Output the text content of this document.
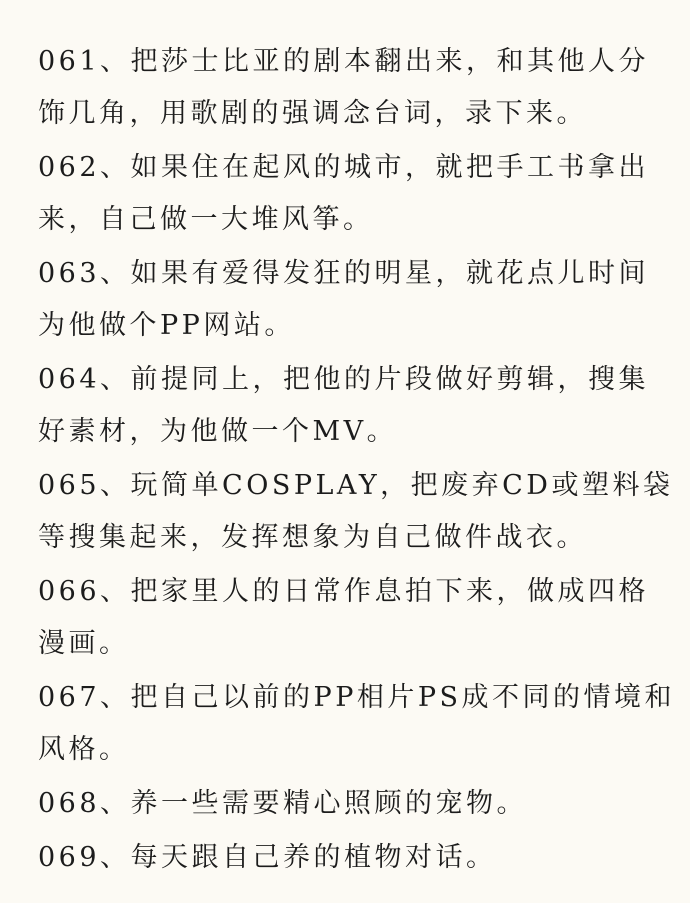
061、把莎士比亚的剧本翻出来，和其他人分
饰几角，用歌剧的强调念台词，录下来。

062、如果住在起风的城市，就把手工书拿出
来，自己做一大堆风筝。

063、如果有爱得发狂的明星，就花点儿时间
为他做个PP网站。

064、前提同上，把他的片段做好剪辑，搜集
好素材，为他做一个MV。

065、玩简单COSPLAY，把废弃CD或塑料袋
等搜集起来，发挥想象为自己做件战衣。

066、把家里人的日常作息拍下来，做成四格
漫画。

067、把自己以前的PP相片PS成不同的情境和
风格。

068、养一些需要精心照顾的宠物。

069、每天跟自己养的植物对话。
